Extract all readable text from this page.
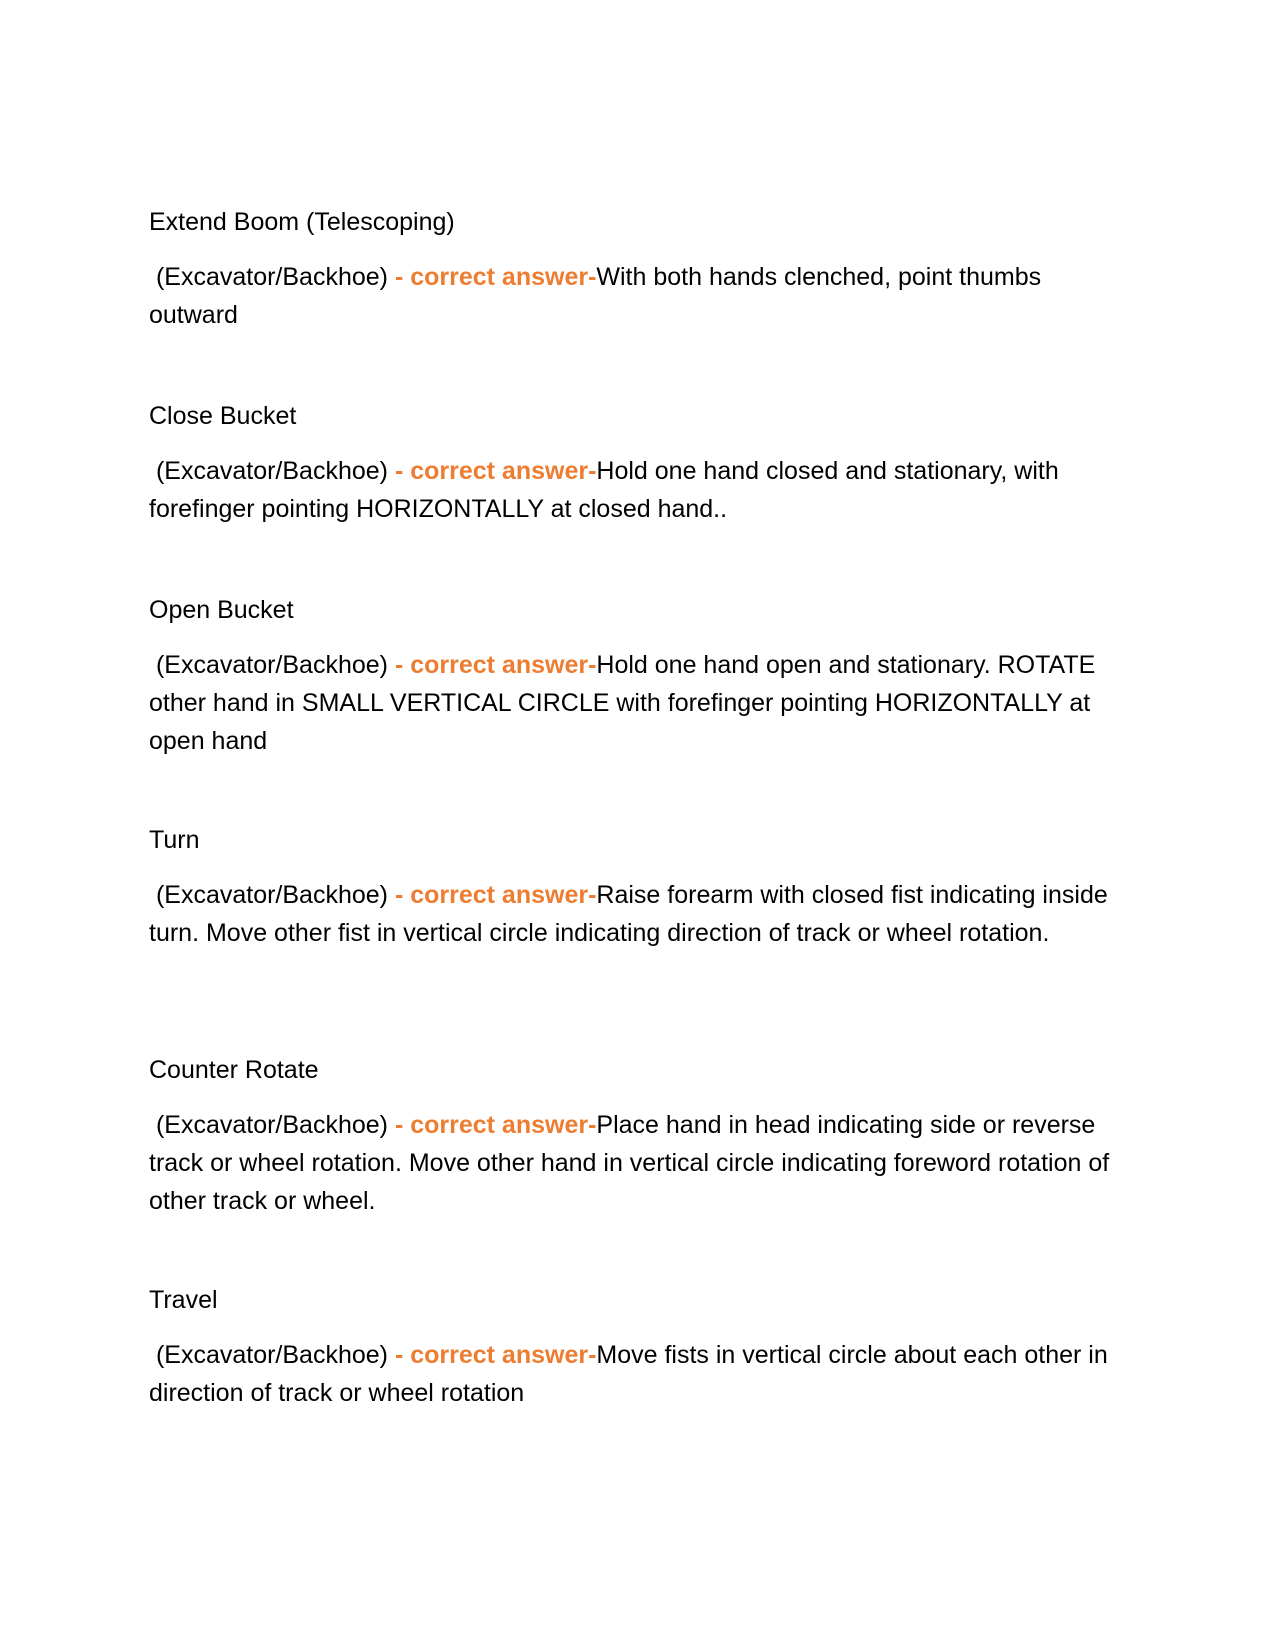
Extend Boom (Telescoping)

(Excavator/Backhoe) - correct answer-With both hands clenched, point thumbs outward

Close Bucket

(Excavator/Backhoe) - correct answer-Hold one hand closed and stationary, with forefinger pointing HORIZONTALLY at closed hand..

Open Bucket

(Excavator/Backhoe) - correct answer-Hold one hand open and stationary. ROTATE other hand in SMALL VERTICAL CIRCLE with forefinger pointing HORIZONTALLY at open hand

Turn

(Excavator/Backhoe) - correct answer-Raise forearm with closed fist indicating inside turn. Move other fist in vertical circle indicating direction of track or wheel rotation.

Counter Rotate

(Excavator/Backhoe) - correct answer-Place hand in head indicating side or reverse track or wheel rotation. Move other hand in vertical circle indicating foreword rotation of other track or wheel.

Travel

(Excavator/Backhoe) - correct answer-Move fists in vertical circle about each other in direction of track or wheel rotation
